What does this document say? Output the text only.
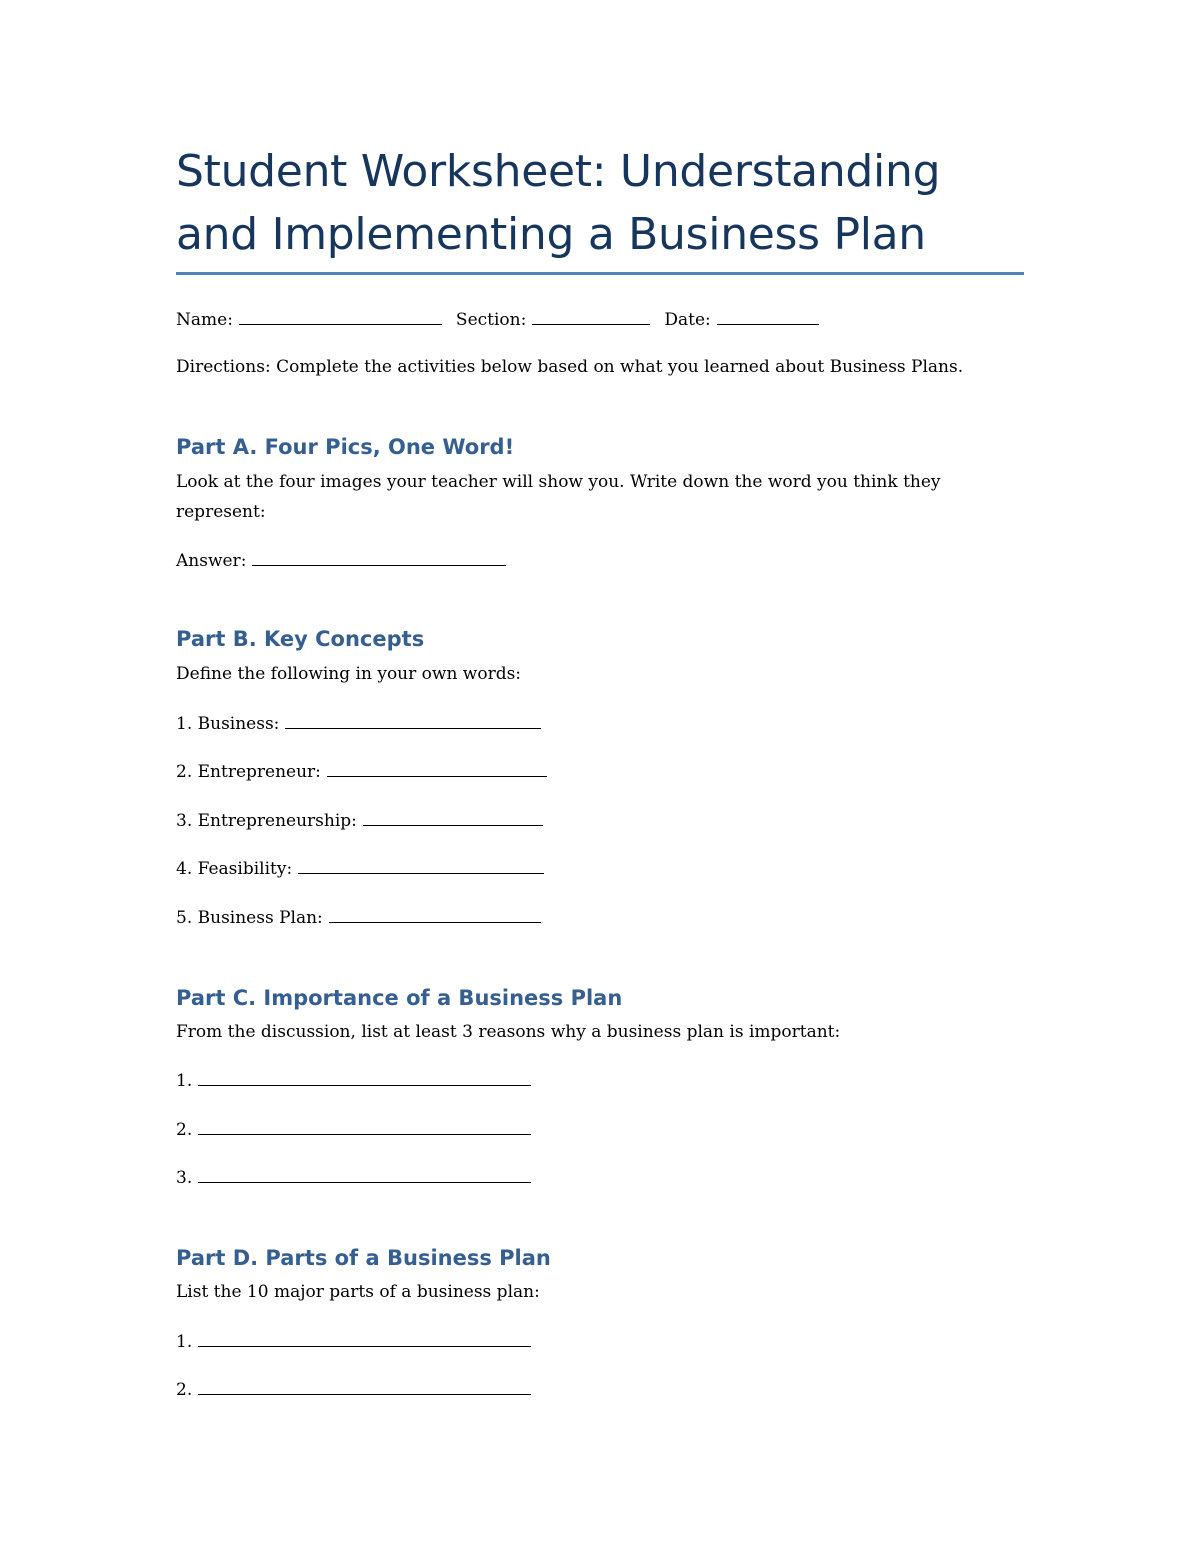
Student Worksheet: Understanding and Implementing a Business Plan
Name:	Section:	Date:
Directions: Complete the activities below based on what you learned about Business Plans.
Part A. Four Pics, One Word!
Look at the four images your teacher will show you. Write down the word you think they represent:
Answer:
Part B. Key Concepts
Define the following in your own words:
1. Business:
2. Entrepreneur:
3. Entrepreneurship:
4. Feasibility:
5. Business Plan:
Part C. Importance of a Business Plan
From the discussion, list at least 3 reasons why a business plan is important:
1.
2.
3.
Part D. Parts of a Business Plan
List the 10 major parts of a business plan:
1.
2.
